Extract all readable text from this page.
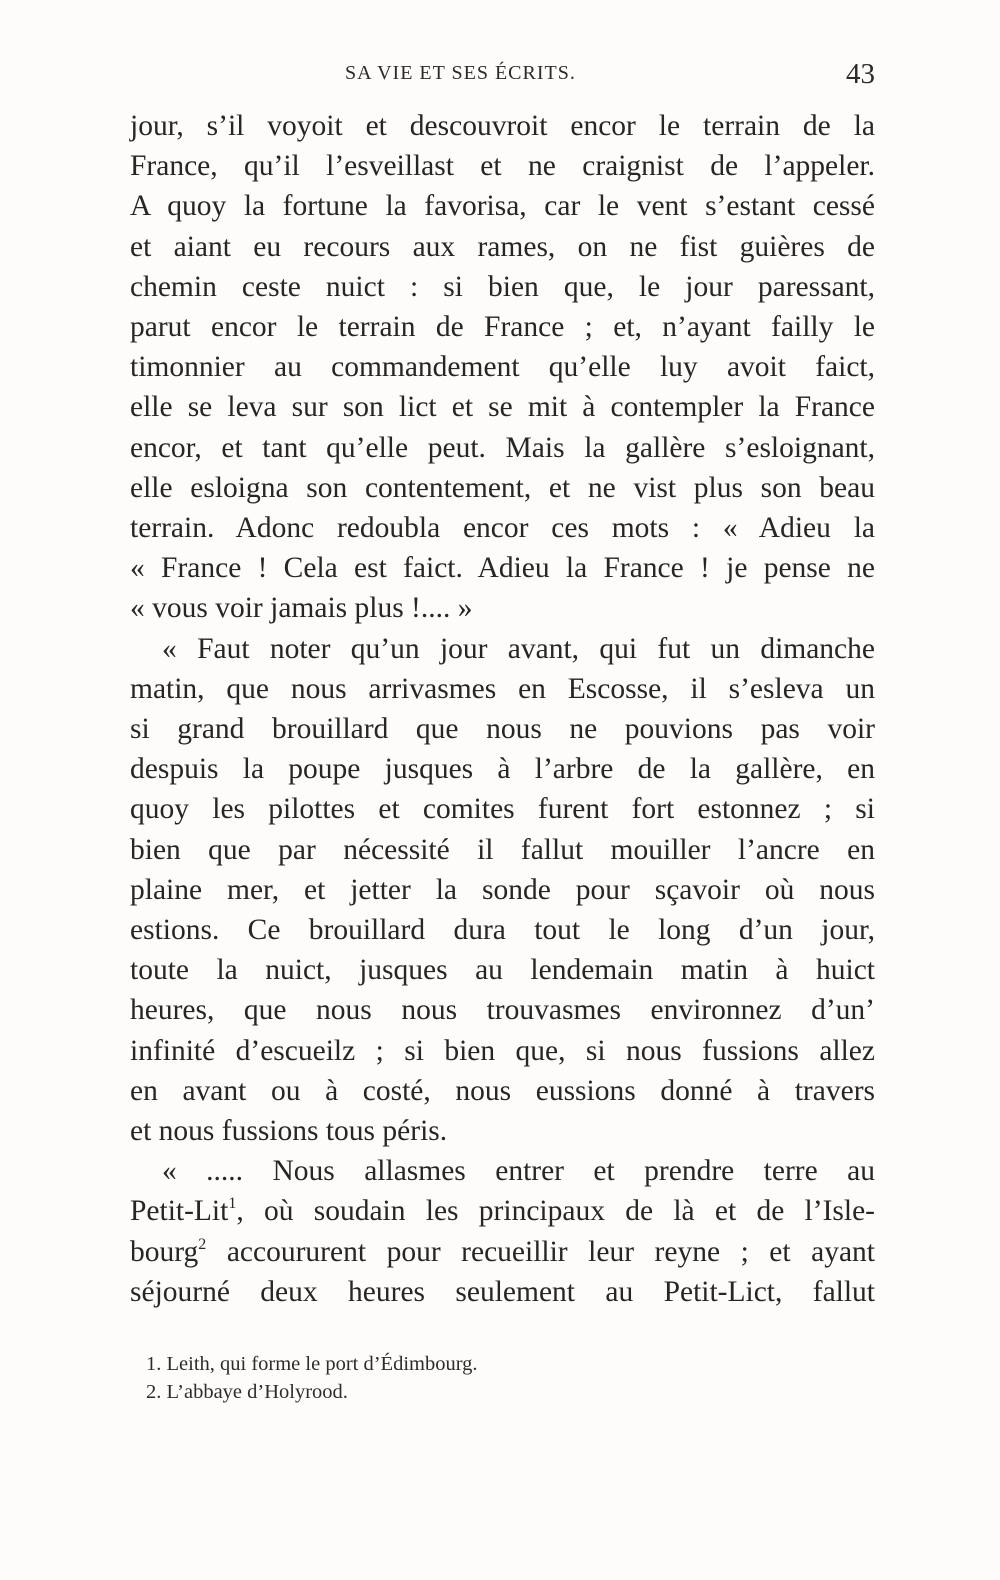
SA VIE ET SES ÉCRITS.	43
jour, s’il voyoit et descouvroit encor le terrain de la
France, qu’il l’esveillast et ne craignist de l’appeler.
A quoy la fortune la favorisa, car le vent s’estant cessé
et aiant eu recours aux rames, on ne fist guières de
chemin ceste nuict : si bien que, le jour paressant,
parut encor le terrain de France ; et, n’ayant failly le
timonnier au commandement qu’elle luy avoit faict,
elle se leva sur son lict et se mit à contempler la France
encor, et tant qu’elle peut. Mais la gallère s’esloignant,
elle esloigna son contentement, et ne vist plus son beau
terrain. Adonc redoubla encor ces mots : « Adieu la
« France ! Cela est faict. Adieu la France ! je pense ne
« vous voir jamais plus !.... »
« Faut noter qu’un jour avant, qui fut un dimanche
matin, que nous arrivasmes en Escosse, il s’esleva un
si grand brouillard que nous ne pouvions pas voir
despuis la poupe jusques à l’arbre de la gallère, en
quoy les pilottes et comites furent fort estonnez ; si
bien que par nécessité il fallut mouiller l’ancre en
plaine mer, et jetter la sonde pour sçavoir où nous
estions. Ce brouillard dura tout le long d’un jour,
toute la nuict, jusques au lendemain matin à huict
heures, que nous nous trouvasmes environnez d’un’
infinité d’escueilz ; si bien que, si nous fussions allez
en avant ou à costé, nous eussions donné à travers
et nous fussions tous péris.
« ..... Nous allasmes entrer et prendre terre au
Petit-Lit$^1$, où soudain les principaux de là et de l’Isle-
bourg$^2$ accoururent pour recueillir leur reyne ; et ayant
séjourné deux heures seulement au Petit-Lict, fallut
1. Leith, qui forme le port d’Édimbourg.
2. L’abbaye d’Holyrood.
